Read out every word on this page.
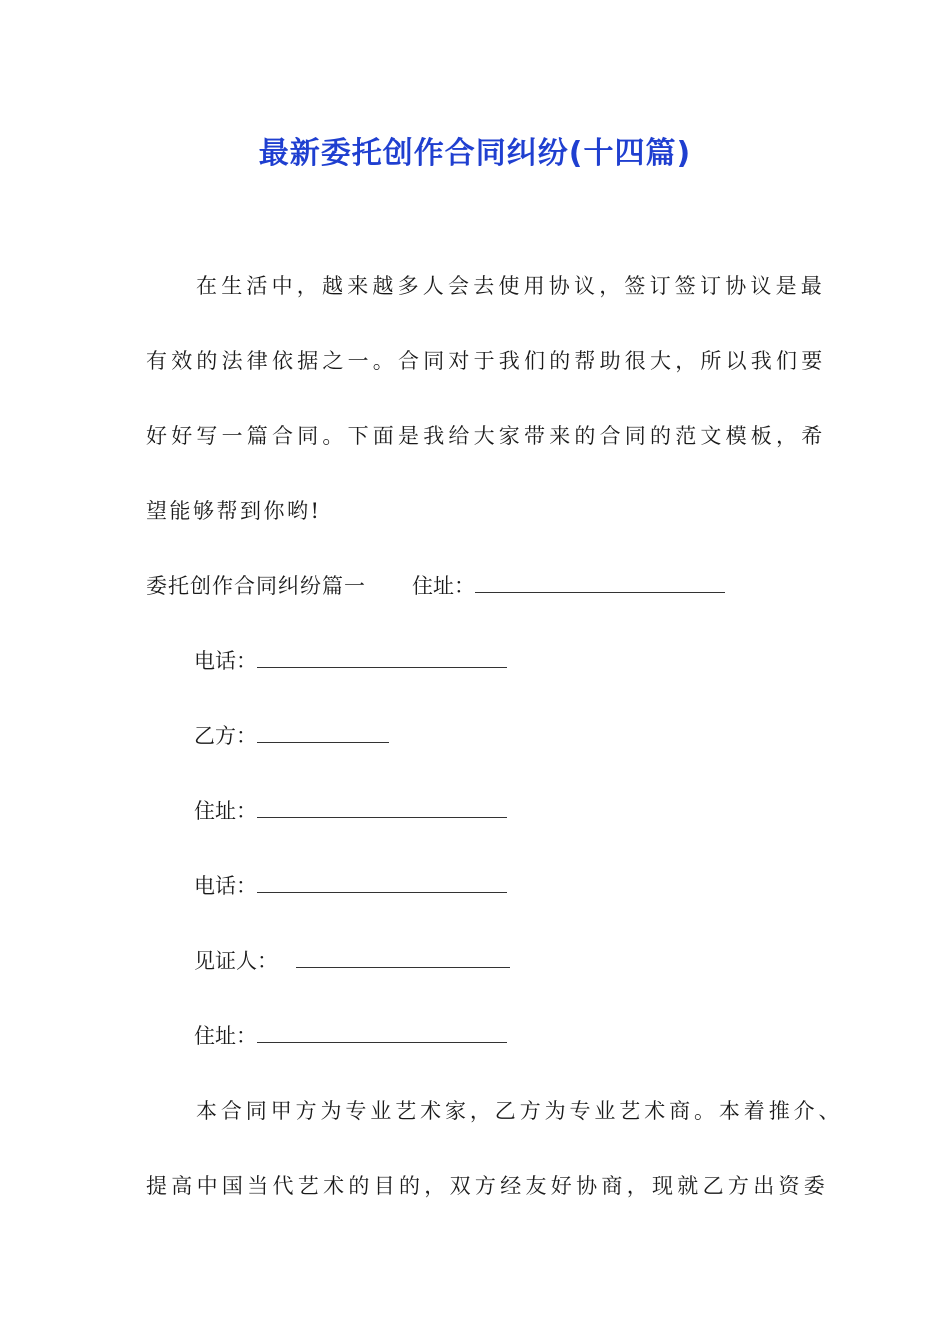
最新委托创作合同纠纷(十四篇)
在生活中，越来越多人会去使用协议，签订签订协议是最
有效的法律依据之一。合同对于我们的帮助很大，所以我们要
好好写一篇合同。下面是我给大家带来的合同的范文模板，希
望能够帮到你哟!
委托创作合同纠纷篇一 住址：
电话：
乙方：
住址：
电话：
见证人：
住址：
本合同甲方为专业艺术家，乙方为专业艺术商。本着推介、
提高中国当代艺术的目的，双方经友好协商，现就乙方出资委
